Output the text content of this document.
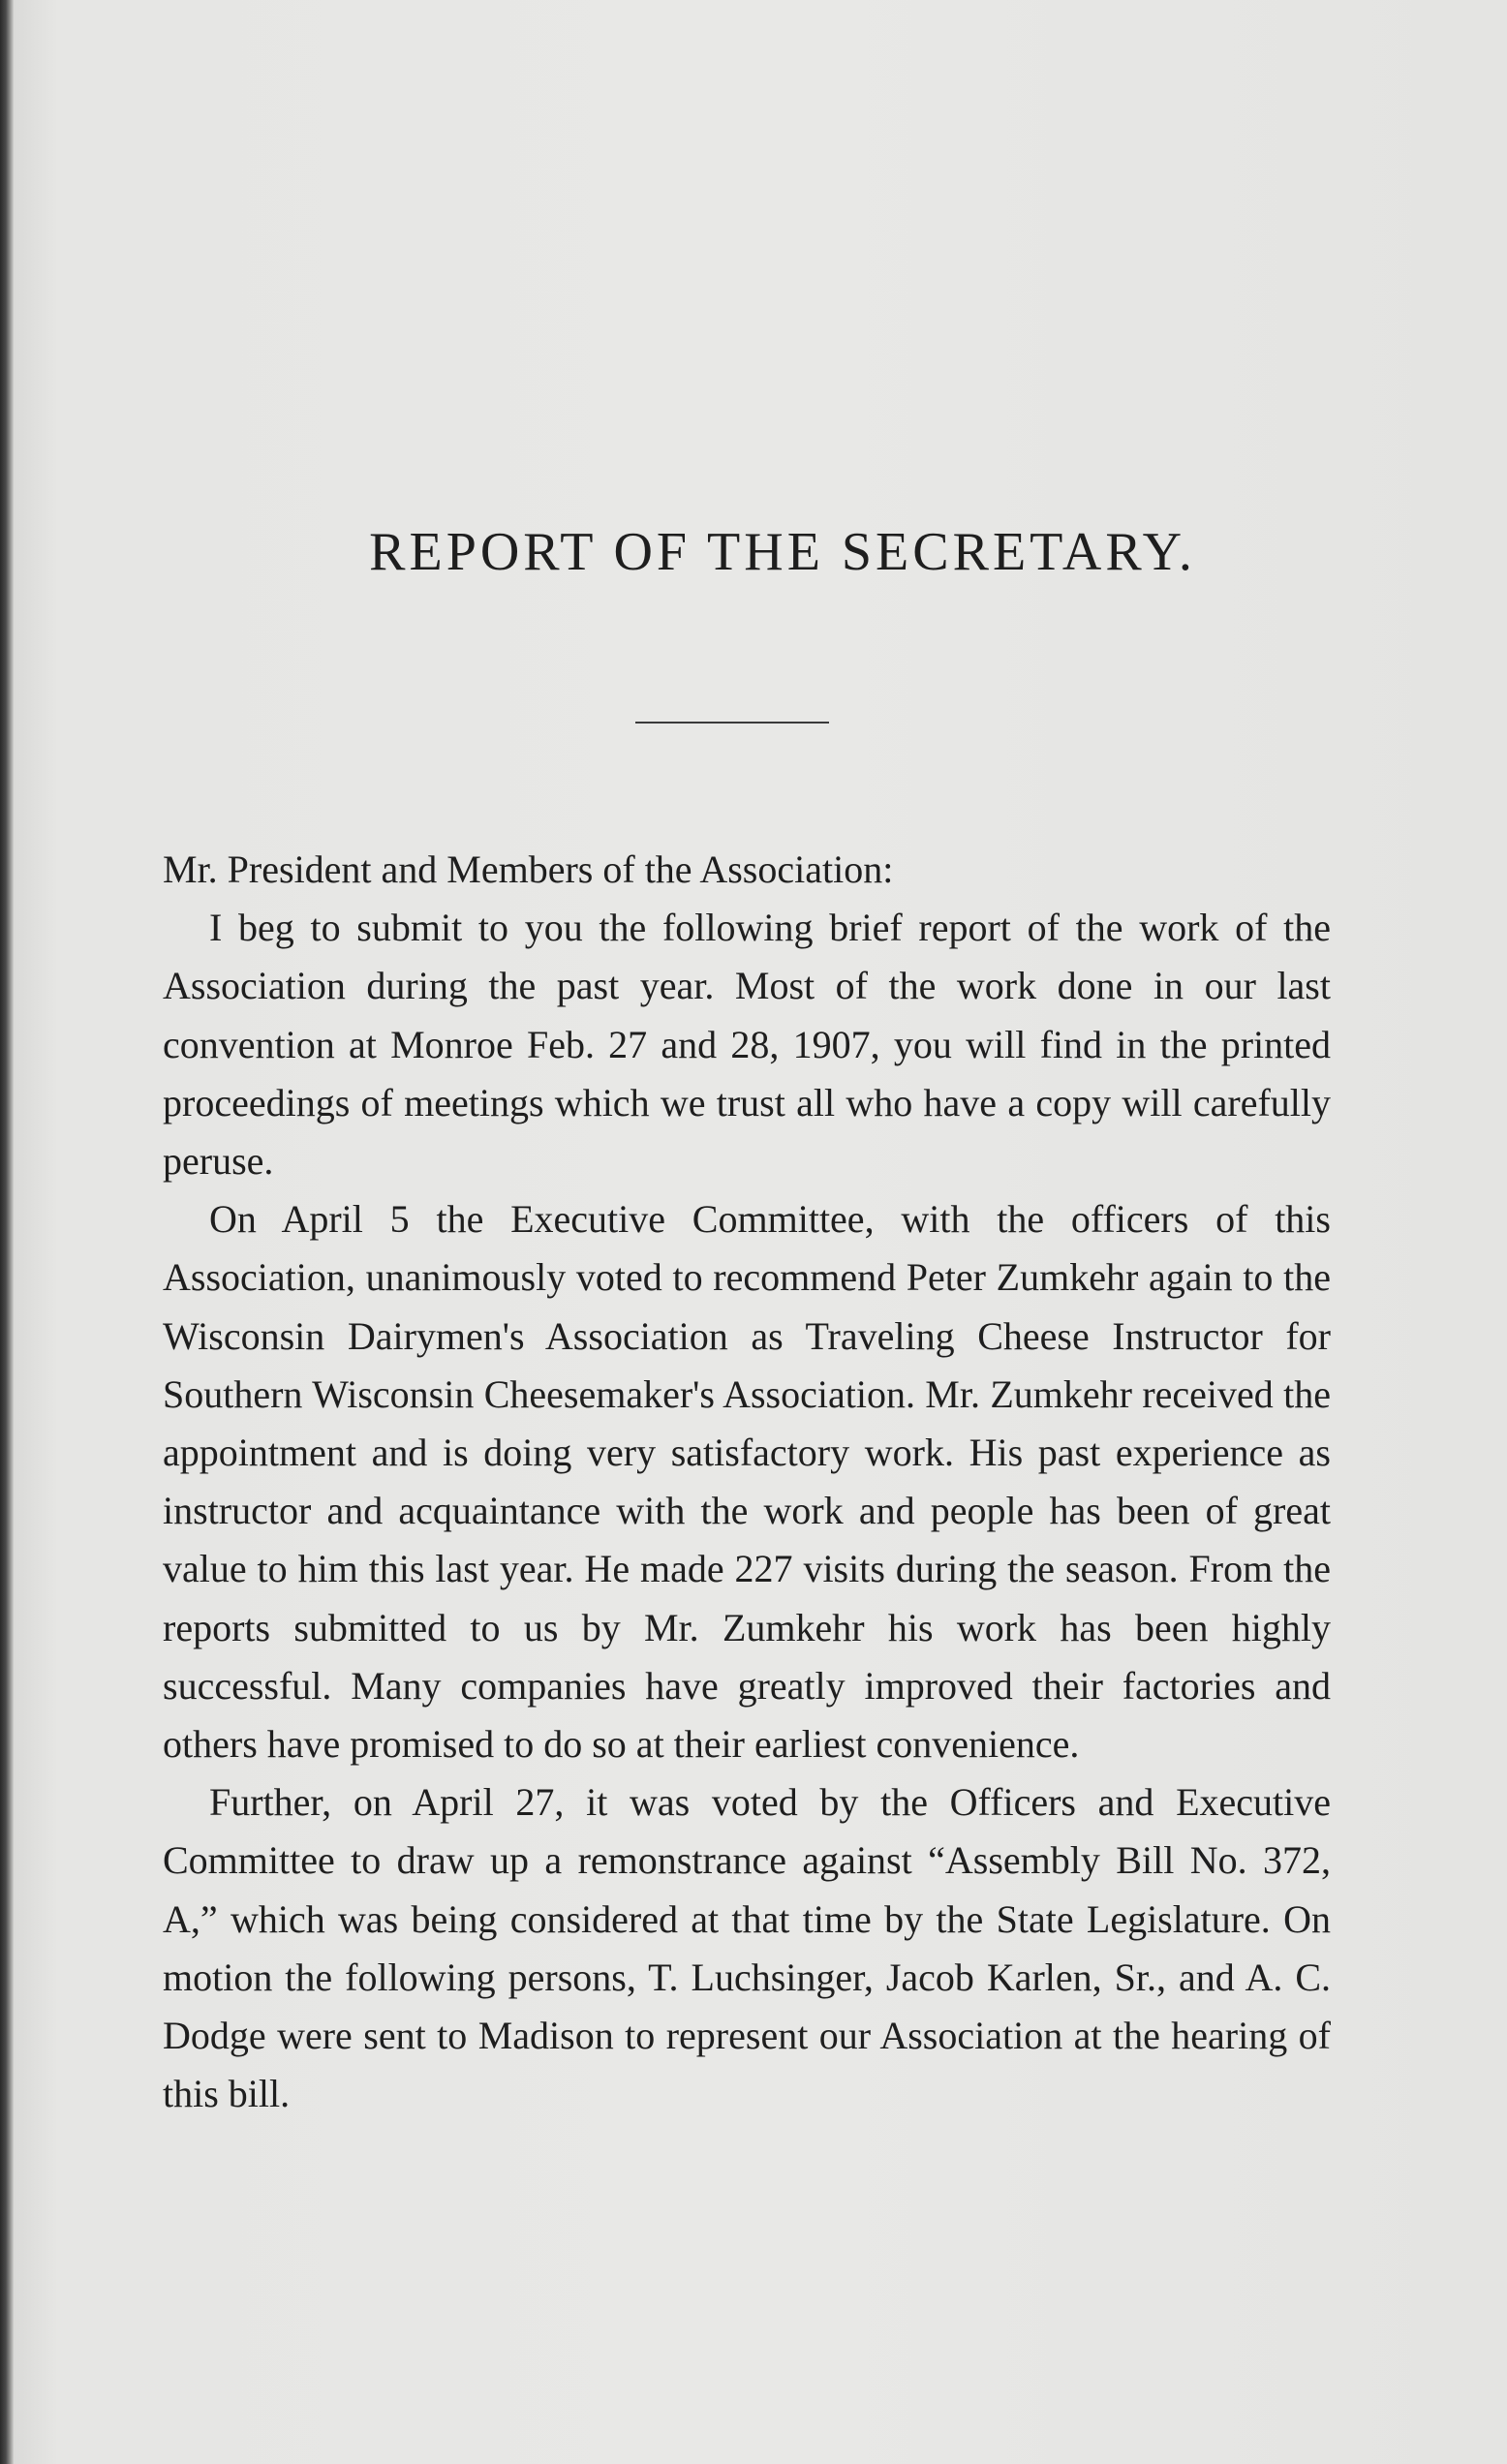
REPORT OF THE SECRETARY.

Mr. President and Members of the Association:

I beg to submit to you the following brief report of the work of the Association during the past year. Most of the work done in our last convention at Monroe Feb. 27 and 28, 1907, you will find in the printed proceedings of meetings which we trust all who have a copy will carefully peruse.

On April 5 the Executive Committee, with the officers of this Association, unanimously voted to recommend Peter Zumkehr again to the Wisconsin Dairymen's Association as Traveling Cheese Instructor for Southern Wisconsin Cheesemaker's Association. Mr. Zumkehr received the appointment and is doing very satisfactory work. His past experience as instructor and acquaintance with the work and people has been of great value to him this last year. He made 227 visits during the season. From the reports submitted to us by Mr. Zumkehr his work has been highly successful. Many companies have greatly improved their factories and others have promised to do so at their earliest convenience.

Further, on April 27, it was voted by the Officers and Executive Committee to draw up a remonstrance against “Assembly Bill No. 372, A,” which was being considered at that time by the State Legislature. On motion the following persons, T. Luchsinger, Jacob Karlen, Sr., and A. C. Dodge were sent to Madison to represent our Association at the hearing of this bill.
